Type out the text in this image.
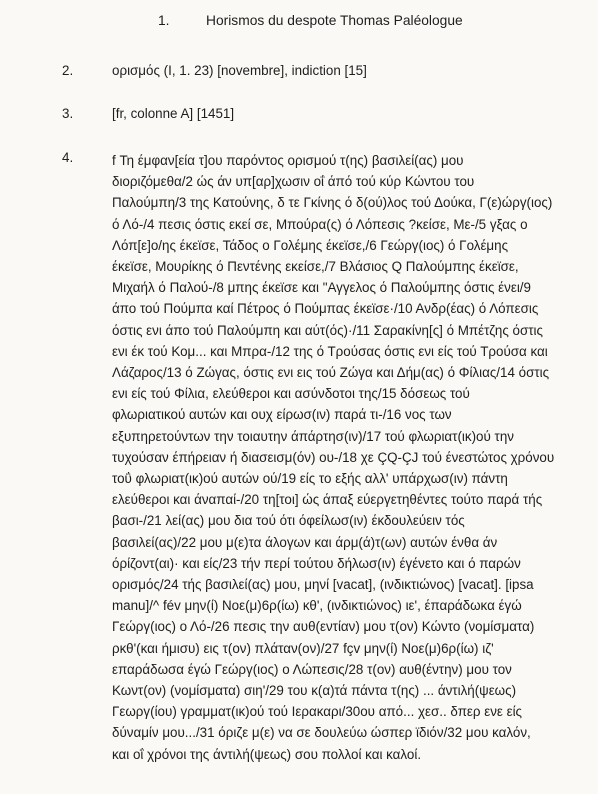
1.	Horismos du despote Thomas Paléologue
2.	ορισμός (I, 1. 23) [novembre], indiction [15]
3.	[fr, colonne A] [1451]
4.	f Τη έμφαν[εία τ]ου παρόντος ορισμού τ(ης) βασιλεί(ας) μου
διοριζόμεθα/2 ώς άν υπ[αρ]χωσιν οΐ άπό τού κύρ Κώντου του
Παλούμπη/3 της Κατούνης, δ τε Γκίνης ό δ(ού)λος τού Δούκα, Γ(ε)ώργ(ιος)
ό Λό-/4 πεσις όστις εκεί σε, Μπούρα(ς) ό Λόπεσις ?κείσε, Με-/5 γξας ο
Λόπ[ε]ο/ης έκεϊσε, Τάδος ο Γολέμης έκεϊσε,/6 Γεώργ(ιος) ό Γολέμης
έκεϊσε, Μουρίκης ό Πεντένης εκείσε,/7 Βλάσιος Q Παλούμπης έκεϊσε,
Μιχαήλ ό Παλού-/8 μπης έκεϊσε και "Αγγελος ό Παλούμπης όστις ένει/9
άπο τού Πούμπα καί Πέτρος ό Πούμπας έκεϊσε·/10 Ανδρ(έας) ό Λόπεσις
όστις ενι άπο τού Παλούμπη και αύτ(ός)·/11 Σαρακίνη[ς] ό Μπέτζης όστις
ενι έκ τού Κομ... και Μπρα-/12 της ό Τρούσας όστις ενι είς τού Τρούσα και
Λάζαρος/13 ό Ζώγας, όστις ενι εις τού Ζώγα και Δήμ(ας) ό Φίλιας/14 όστις
ενι είς τού Φίλια, ελεύθεροι και ασύνδοτοι της/15 δόσεως τού
φλωριατικού αυτών και ουχ είρωσ(ιν) παρά τι-/16 νος των
εξυπηρετούντων την τοιαυτην άπάρτησ(ιν)/17 τού φλωριατ(ικ)ού την
τυχούσαν έπήρειαν ή διασεισμ(όν) ου-/18 χε ÇQ-ÇJ τού ένεστώτος χρόνου
τοΰ φλωριατ(ικ)ού αυτών ού/19 είς το εξής αλλ' υπάρχωσ(ιν) πάντη
ελεύθεροι και άναπαί-/20 τη[τοι] ώς άπαξ εύεργετηθέντες τούτο παρά τής
βασι-/21 λεί(ας) μου δια τού ότι όφείλωσ(ιν) έκδουλεύειν τός
βασιλεί(ας)/22 μου μ(ε)τα άλογων και άρμ(ά)τ(ων) αυτών ένθα άν
όρίζοντ(αι)· και είς/23 τήν περί τούτου δήλωσ(ιν) έγένετο και ό παρών
ορισμός/24 τής βασιλεί(ας) μου, μηνί [vacat], (ινδικτιώνος) [vacat]. [ipsa
manu]/^ fév μην(ί) Νοε(μ)6ρ(ίω) κθ', (ινδικτιώνος) ιε', έπαράδωκα έγώ
Γεώργ(ιος) ο Λό-/26 πεσις την αυθ(εντίαν) μου τ(ον) Κώντο (νομίσματα)
ρκθ'(και ήμισυ) εις τ(ον) πλάταν(ον)/27 fçv μην(ί) Νοε(μ)6ρ(ίω) ιζ'
επαράδωσα έγώ Γεώργ(ιος) ο Λώπεσις/28 τ(ον) αυθ(έντην) μου τον
Κωντ(ον) (νομίσματα) σιη'/29 του κ(α)τά πάντα τ(ης) ... άντιλή(ψεως)
Γεωργ(ίου) γραμματ(ικ)ού τού Ιερακαρι/30ου από... χεσ.. δπερ ενε είς
δύναμίν μου.../31 όριζε μ(ε) να σε δουλεύω ώσπερ ϊδιόν/32 μου καλόν,
και οΐ χρόνοι της άντιλή(ψεως) σου πολλοί και καλοί.
